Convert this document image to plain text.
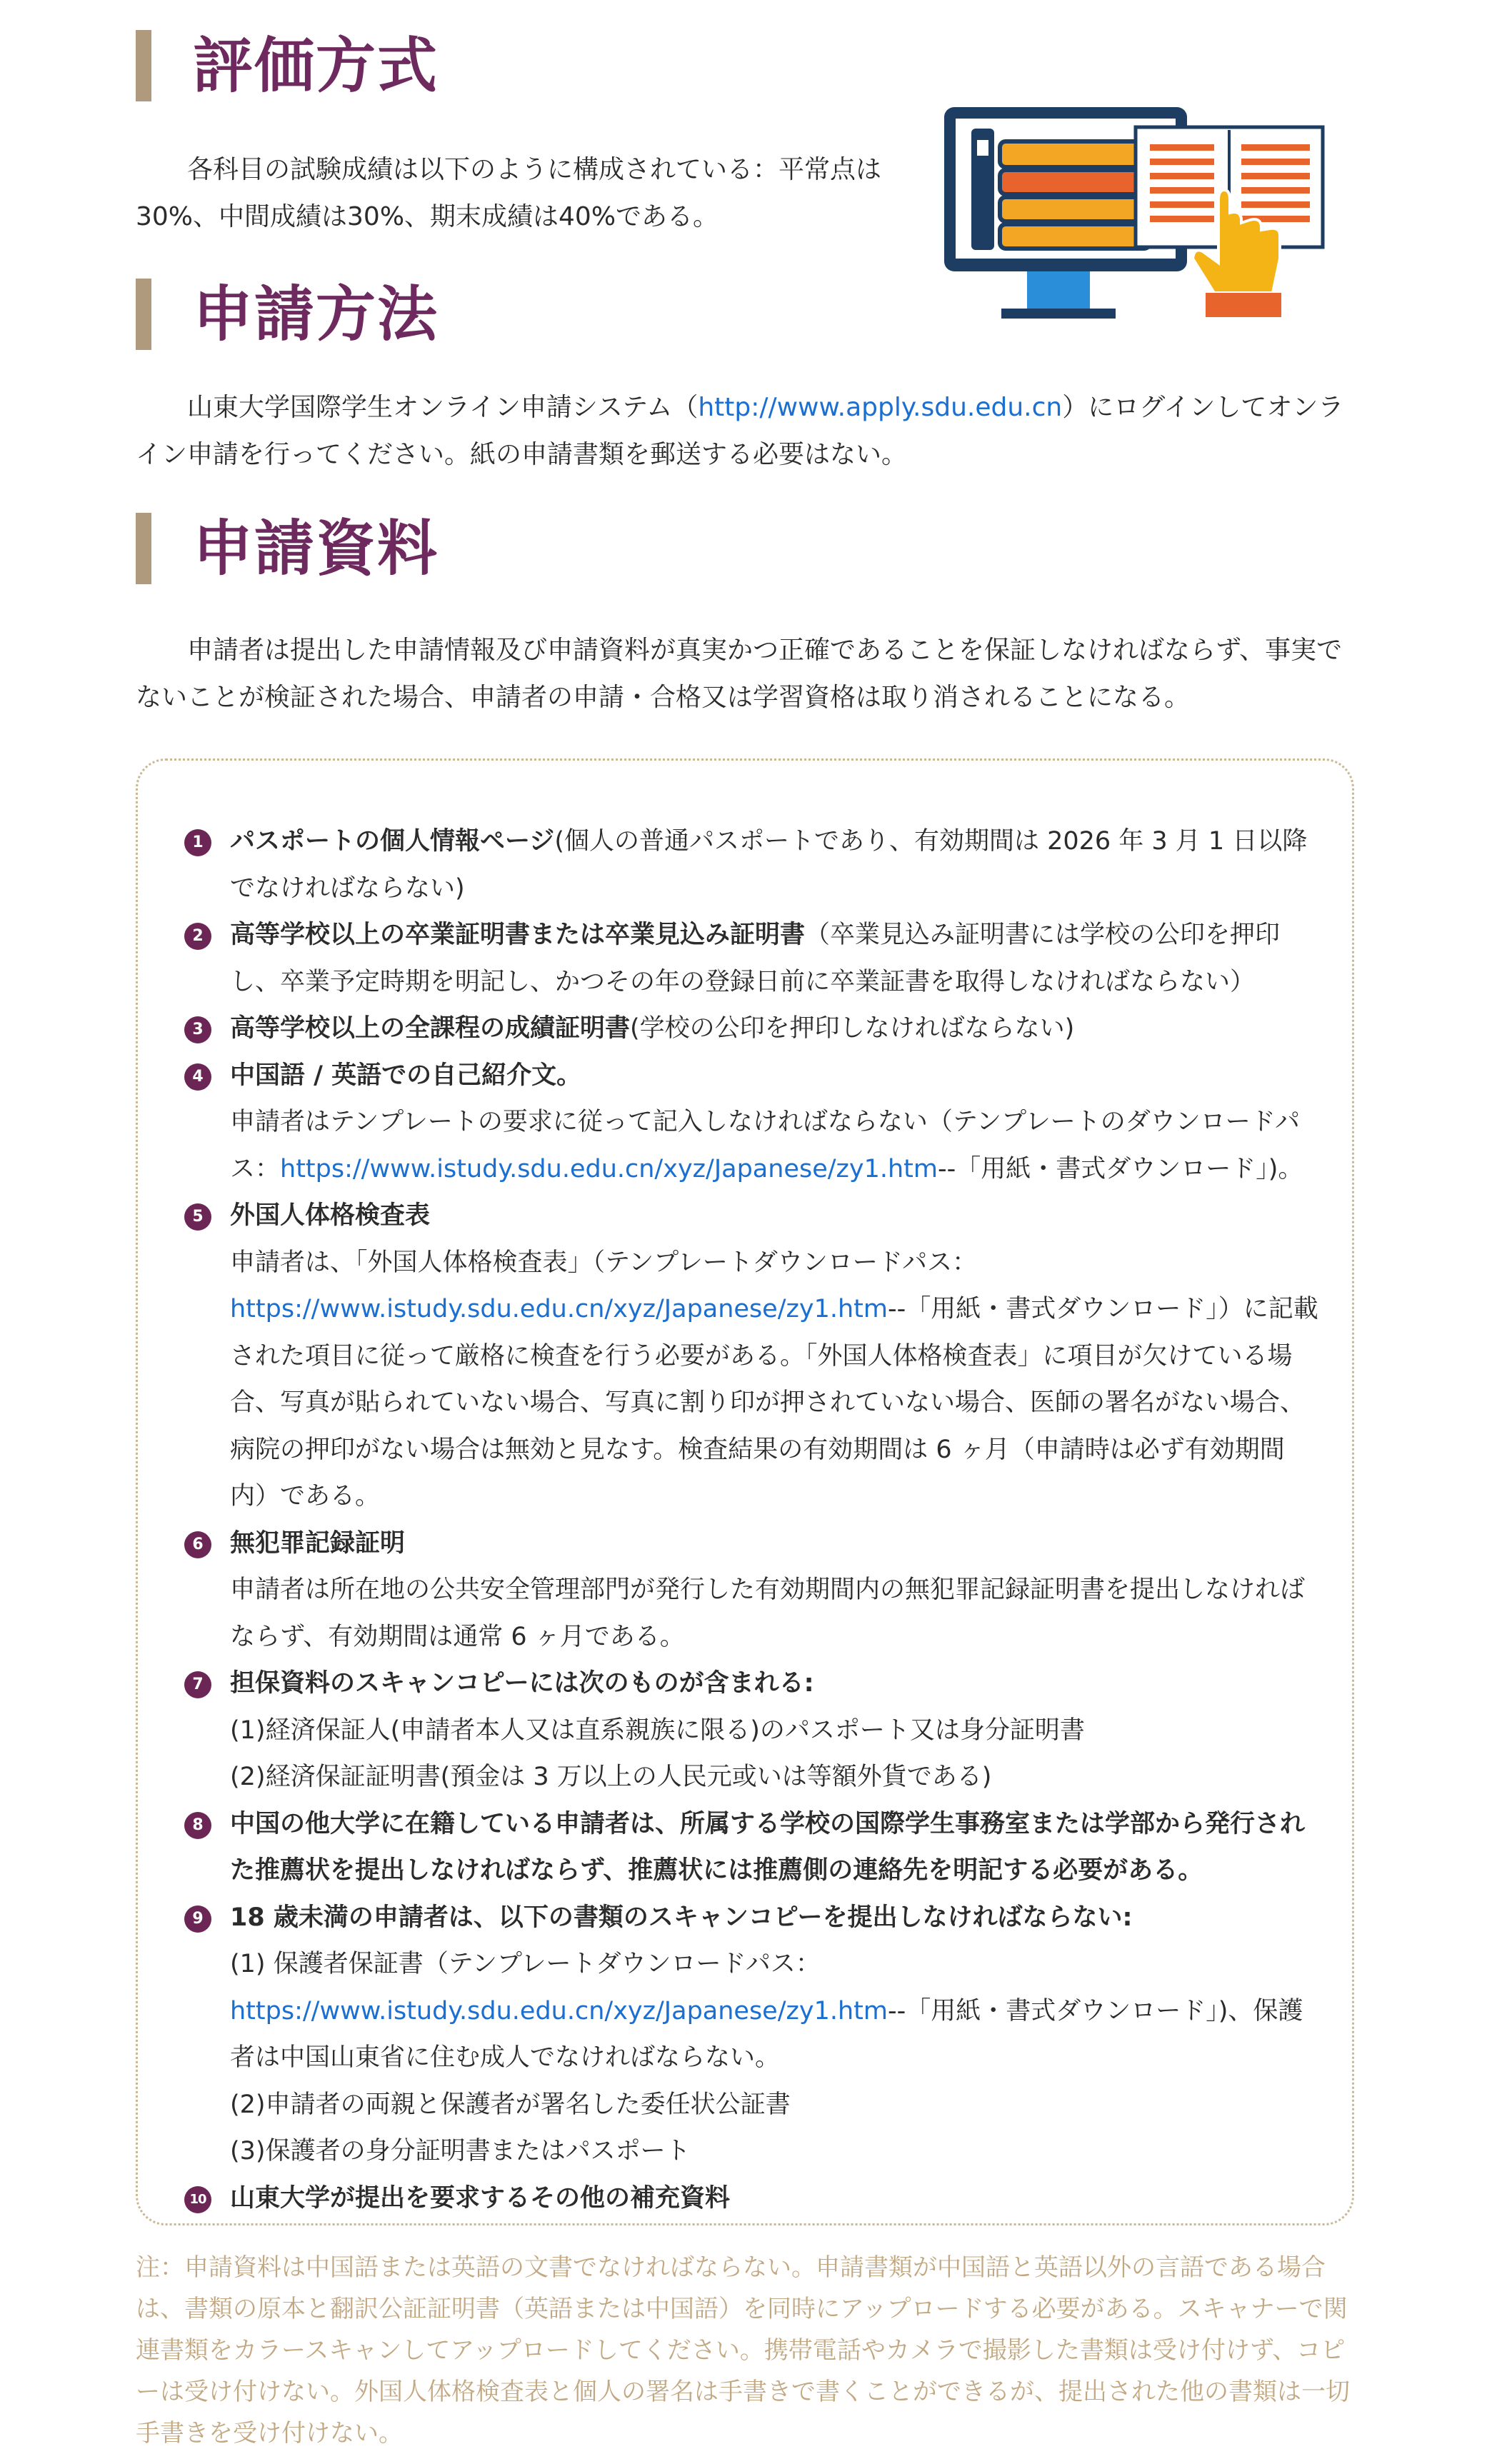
評価方式

各科目の試験成績は以下のように構成されている：平常点は30%、中間成績は30%、期末成績は40%である。

申請方法

山東大学国際学生オンライン申請システム（http://www.apply.sdu.edu.cn）にログインしてオンライン申請を行ってください。紙の申請書類を郵送する必要はない。

申請資料

申請者は提出した申請情報及び申請資料が真実かつ正確であることを保証しなければならず、事実でないことが検証された場合、申請者の申請・合格又は学習資格は取り消されることになる。

1	パスポートの個人情報ページ(個人の普通パスポートであり、有効期間は 2026 年 3 月 1 日以降でなければならない)
2	高等学校以上の卒業証明書または卒業見込み証明書（卒業見込み証明書には学校の公印を押印し、卒業予定時期を明記し、かつその年の登録日前に卒業証書を取得しなければならない）
3	高等学校以上の全課程の成績証明書(学校の公印を押印しなければならない)
4	中国語 / 英語での自己紹介文。
申請者はテンプレートの要求に従って記入しなければならない（テンプレートのダウンロードパス：https://www.istudy.sdu.edu.cn/xyz/Japanese/zy1.htm--「用紙・書式ダウンロード」)。
5	外国人体格検査表
申請者は、「外国人体格検査表」（テンプレートダウンロードパス：https://www.istudy.sdu.edu.cn/xyz/Japanese/zy1.htm--「用紙・書式ダウンロード」）に記載された項目に従って厳格に検査を行う必要がある。「外国人体格検査表」に項目が欠けている場合、写真が貼られていない場合、写真に割り印が押されていない場合、医師の署名がない場合、病院の押印がない場合は無効と見なす。検査結果の有効期間は 6 ヶ月（申請時は必ず有効期間内）である。
6	無犯罪記録証明
申請者は所在地の公共安全管理部門が発行した有効期間内の無犯罪記録証明書を提出しなければならず、有効期間は通常 6 ヶ月である。
7	担保資料のスキャンコピーには次のものが含まれる:
(1)経済保証人(申請者本人又は直系親族に限る)のパスポート又は身分証明書
(2)経済保証証明書(預金は 3 万以上の人民元或いは等額外貨である)
8	中国の他大学に在籍している申請者は、所属する学校の国際学生事務室または学部から発行された推薦状を提出しなければならず、推薦状には推薦側の連絡先を明記する必要がある。
9	18 歳未満の申請者は、以下の書類のスキャンコピーを提出しなければならない:
(1) 保護者保証書（テンプレートダウンロードパス：https://www.istudy.sdu.edu.cn/xyz/Japanese/zy1.htm--「用紙・書式ダウンロード」)、保護者は中国山東省に住む成人でなければならない。
(2)申請者の両親と保護者が署名した委任状公証書
(3)保護者の身分証明書またはパスポート
10 山東大学が提出を要求するその他の補充資料

注：申請資料は中国語または英語の文書でなければならない。申請書類が中国語と英語以外の言語である場合は、書類の原本と翻訳公証証明書（英語または中国語）を同時にアップロードする必要がある。スキャナーで関連書類をカラースキャンしてアップロードしてください。携帯電話やカメラで撮影した書類は受け付けず、コピーは受け付けない。外国人体格検査表と個人の署名は手書きで書くことができるが、提出された他の書類は一切手書きを受け付けない。
